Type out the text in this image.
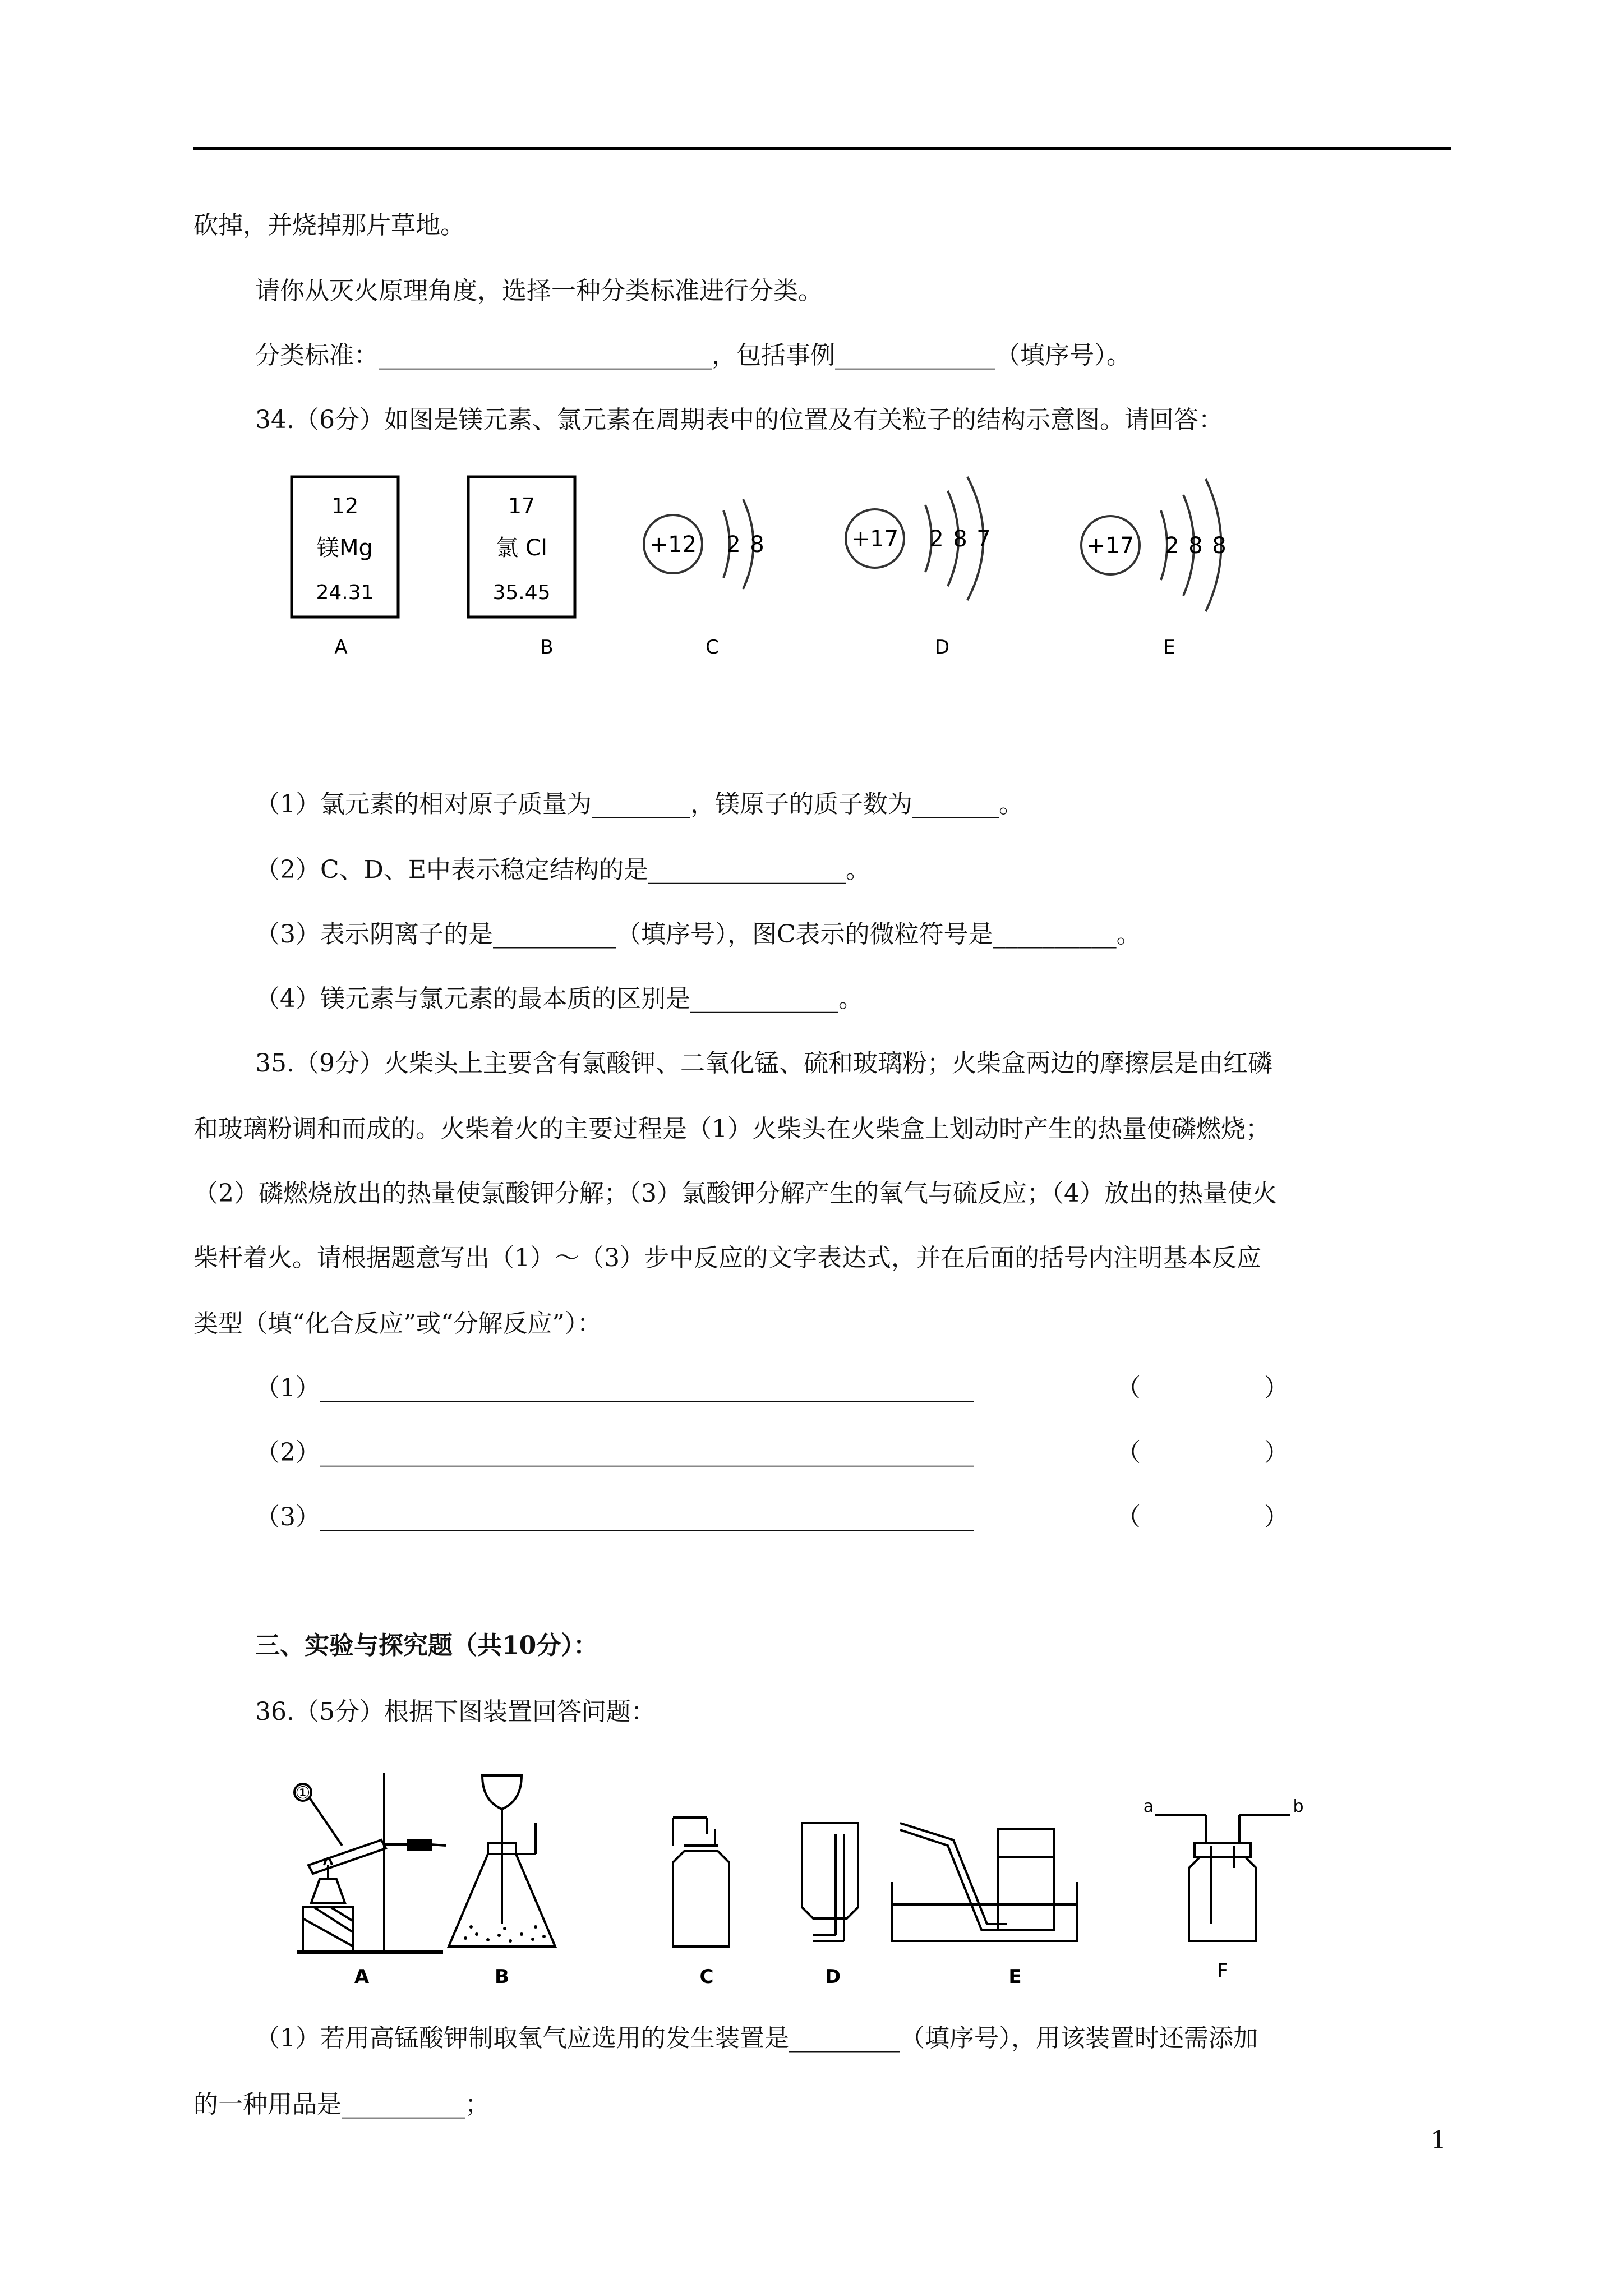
砍掉，并烧掉那片草地。
请你从灭火原理角度，选择一种分类标准进行分类。
分类标准：___________________________，包括事例_____________（填序号）。
34.（6分）如图是镁元素、氯元素在周期表中的位置及有关粒子的结构示意图。请回答：
12
镁Mg
24.31
17
氯 Cl
35.45
+12 2 8	+17 2 8 7	+17 2 8 8
A	B	C	D	E
（1）氯元素的相对原子质量为________，镁原子的质子数为_______。
（2）C、D、E中表示稳定结构的是________________。
（3）表示阴离子的是__________（填序号），图C表示的微粒符号是__________。
（4）镁元素与氯元素的最本质的区别是____________。
35.（9分）火柴头上主要含有氯酸钾、二氧化锰、硫和玻璃粉；火柴盒两边的摩擦层是由红磷
和玻璃粉调和而成的。火柴着火的主要过程是（1）火柴头在火柴盒上划动时产生的热量使磷燃烧；
（2）磷燃烧放出的热量使氯酸钾分解；（3）氯酸钾分解产生的氧气与硫反应；（4）放出的热量使火
柴杆着火。请根据题意写出（1）～（3）步中反应的文字表达式，并在后面的括号内注明基本反应
类型（填“化合反应”或“分解反应”）：
（1） _____________________________________________________	（　　　　　）
（2） _____________________________________________________	（　　　　　）
（3） _____________________________________________________	（　　　　　）
三、实验与探究题（共10分）：
36.（5分）根据下图装置回答问题：
①
a	b
A	B	C	D	E	F
（1）若用高锰酸钾制取氧气应选用的发生装置是_________（填序号），用该装置时还需添加
的一种用品是__________；
1
